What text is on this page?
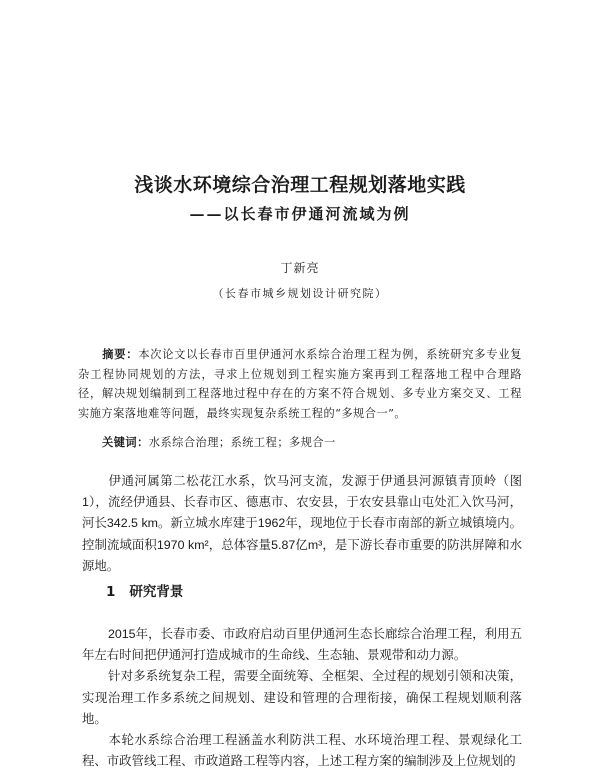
浅谈水环境综合治理工程规划落地实践
——以长春市伊通河流域为例
丁新亮
（长春市城乡规划设计研究院）

摘要：本次论文以长春市百里伊通河水系综合治理工程为例，系统研究多专业复杂工程协同规划的方法，寻求上位规划到工程实施方案再到工程落地工程中合理路径，解决规划编制到工程落地过程中存在的方案不符合规划、多专业方案交叉、工程实施方案落地难等问题，最终实现复杂系统工程的“多规合一”。

关键词：水系综合治理；系统工程；多规合一

伊通河属第二松花江水系，饮马河支流，发源于伊通县河源镇青顶岭（图1），流经伊通县、长春市区、德惠市、农安县，于农安县靠山屯处汇入饮马河，河长342.5 km。新立城水库建于1962年，现地位于长春市南部的新立城镇境内。控制流域面积1970 km²，总体容量5.87亿m³，是下游长春市重要的防洪屏障和水源地。

1 研究背景

2015年，长春市委、市政府启动百里伊通河生态长廊综合治理工程，利用五年左右时间把伊通河打造成城市的生命线、生态轴、景观带和动力源。

针对多系统复杂工程，需要全面统筹、全框架、全过程的规划引领和决策，实现治理工作多系统之间规划、建设和管理的合理衔接，确保工程规划顺利落地。

本轮水系综合治理工程涵盖水利防洪工程、水环境治理工程、景观绿化工程、市政管线工程、市政道路工程等内容，上述工程方案的编制涉及上位规划的
